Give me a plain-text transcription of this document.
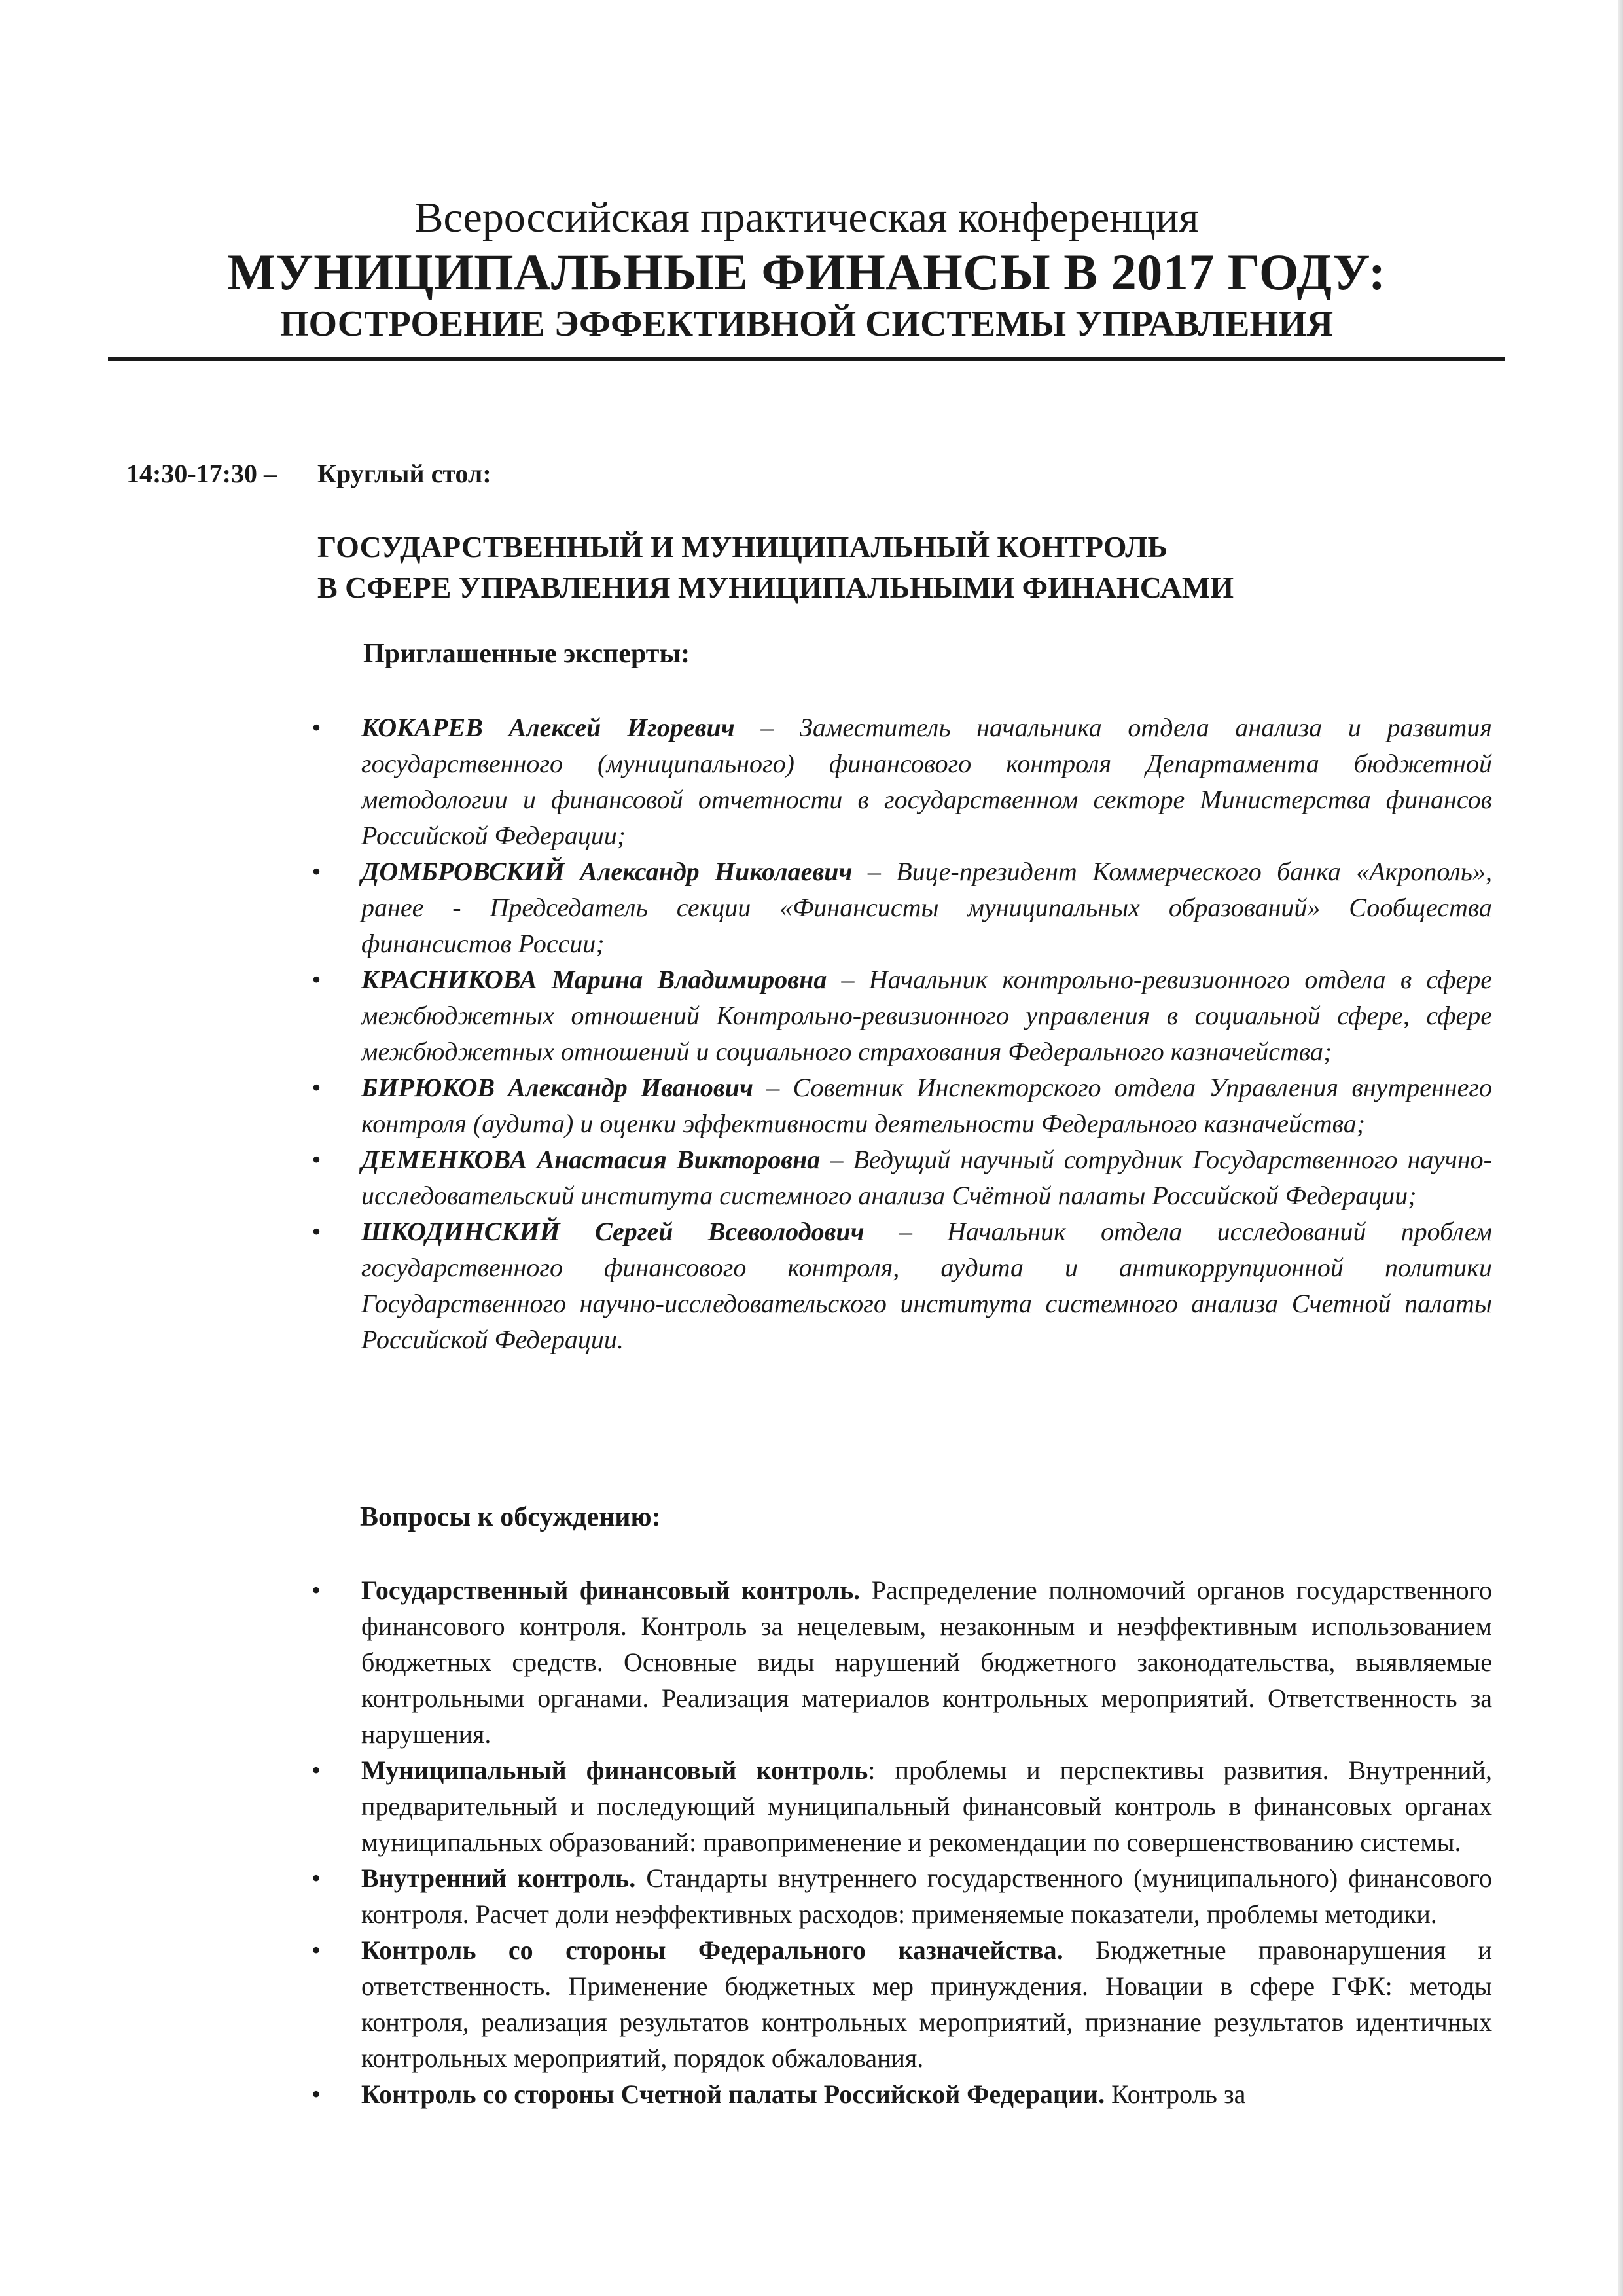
Всероссийская практическая конференция
МУНИЦИПАЛЬНЫЕ ФИНАНСЫ В 2017 ГОДУ:
ПОСТРОЕНИЕ ЭФФЕКТИВНОЙ СИСТЕМЫ УПРАВЛЕНИЯ
14:30-17:30 –	Круглый стол:
ГОСУДАРСТВЕННЫЙ И МУНИЦИПАЛЬНЫЙ КОНТРОЛЬ
В СФЕРЕ УПРАВЛЕНИЯ МУНИЦИПАЛЬНЫМИ ФИНАНСАМИ
Приглашенные эксперты:
• КОКАРЕВ Алексей Игоревич – Заместитель начальника отдела анализа и развития государственного (муниципального) финансового контроля Департамента бюджетной методологии и финансовой отчетности в государственном секторе Министерства финансов Российской Федерации;
• ДОМБРОВСКИЙ Александр Николаевич – Вице-президент Коммерческого банка «Акрополь», ранее - Председатель секции «Финансисты муниципальных образований» Сообщества финансистов России;
• КРАСНИКОВА Марина Владимировна – Начальник контрольно-ревизионного отдела в сфере межбюджетных отношений Контрольно-ревизионного управления в социальной сфере, сфере межбюджетных отношений и социального страхования Федерального казначейства;
• БИРЮКОВ Александр Иванович – Советник Инспекторского отдела Управления внутреннего контроля (аудита) и оценки эффективности деятельности Федерального казначейства;
• ДЕМЕНКОВА Анастасия Викторовна – Ведущий научный сотрудник Государственного научно-исследовательский института системного анализа Счётной палаты Российской Федерации;
• ШКОДИНСКИЙ Сергей Всеволодович – Начальник отдела исследований проблем государственного финансового контроля, аудита и антикоррупционной политики Государственного научно-исследовательского института системного анализа Счетной палаты Российской Федерации.
Вопросы к обсуждению:
• Государственный финансовый контроль. Распределение полномочий органов государственного финансового контроля. Контроль за нецелевым, незаконным и неэффективным использованием бюджетных средств. Основные виды нарушений бюджетного законодательства, выявляемые контрольными органами. Реализация материалов контрольных мероприятий. Ответственность за нарушения.
• Муниципальный финансовый контроль: проблемы и перспективы развития. Внутренний, предварительный и последующий муниципальный финансовый контроль в финансовых органах муниципальных образований: правоприменение и рекомендации по совершенствованию системы.
• Внутренний контроль. Стандарты внутреннего государственного (муниципального) финансового контроля. Расчет доли неэффективных расходов: применяемые показатели, проблемы методики.
• Контроль со стороны Федерального казначейства. Бюджетные правонарушения и ответственность. Применение бюджетных мер принуждения. Новации в сфере ГФК: методы контроля, реализация результатов контрольных мероприятий, признание результатов идентичных контрольных мероприятий, порядок обжалования.
• Контроль со стороны Счетной палаты Российской Федерации. Контроль за
